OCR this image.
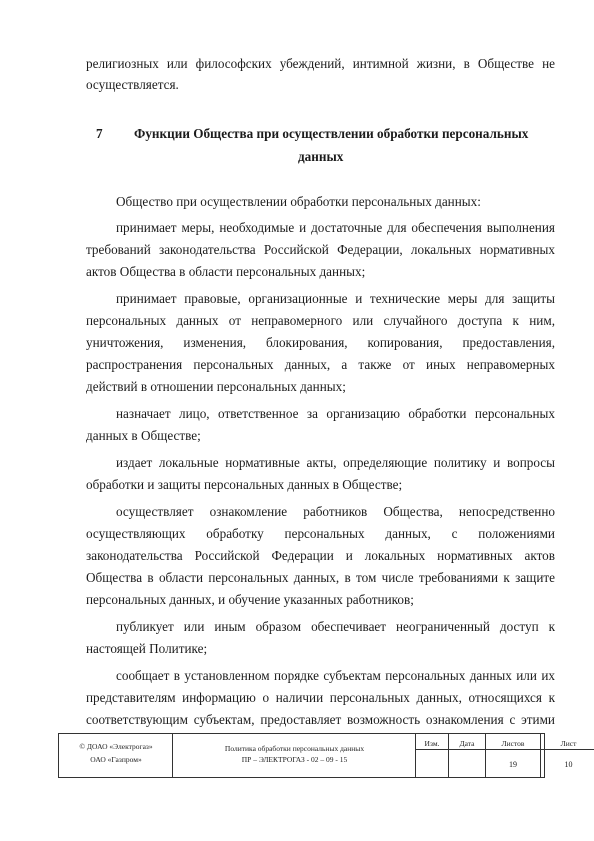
религиозных или философских убеждений, интимной жизни, в Обществе не
осуществляется.
7 Функции Общества при осуществлении обработки персональных
данных
Общество при осуществлении обработки персональных данных:
принимает меры, необходимые и достаточные для обеспечения выполнения
требований законодательства Российской Федерации, локальных нормативных
актов Общества в области персональных данных;
принимает правовые, организационные и технические меры для защиты
персональных данных от неправомерного или случайного доступа к ним,
уничтожения, изменения, блокирования, копирования, предоставления,
распространения персональных данных, а также от иных неправомерных
действий в отношении персональных данных;
назначает лицо, ответственное за организацию обработки персональных
данных в Обществе;
издает локальные нормативные акты, определяющие политику и вопросы
обработки и защиты персональных данных в Обществе;
осуществляет ознакомление работников Общества, непосредственно
осуществляющих обработку персональных данных, с положениями
законодательства Российской Федерации и локальных нормативных актов
Общества в области персональных данных, в том числе требованиями к защите
персональных данных, и обучение указанных работников;
публикует или иным образом обеспечивает неограниченный доступ к
настоящей Политике;
сообщает в установленном порядке субъектам персональных данных или их
представителям информацию о наличии персональных данных, относящихся к
соответствующим субъектам, предоставляет возможность ознакомления с этими
© ДОАО «Электрогаз»
ОАО «Газпром»
Политика обработки персональных данных
ПР – ЭЛЕКТРОГАЗ - 02 – 09 - 15
Изм.	Дата	Листов
19
Лист
10
